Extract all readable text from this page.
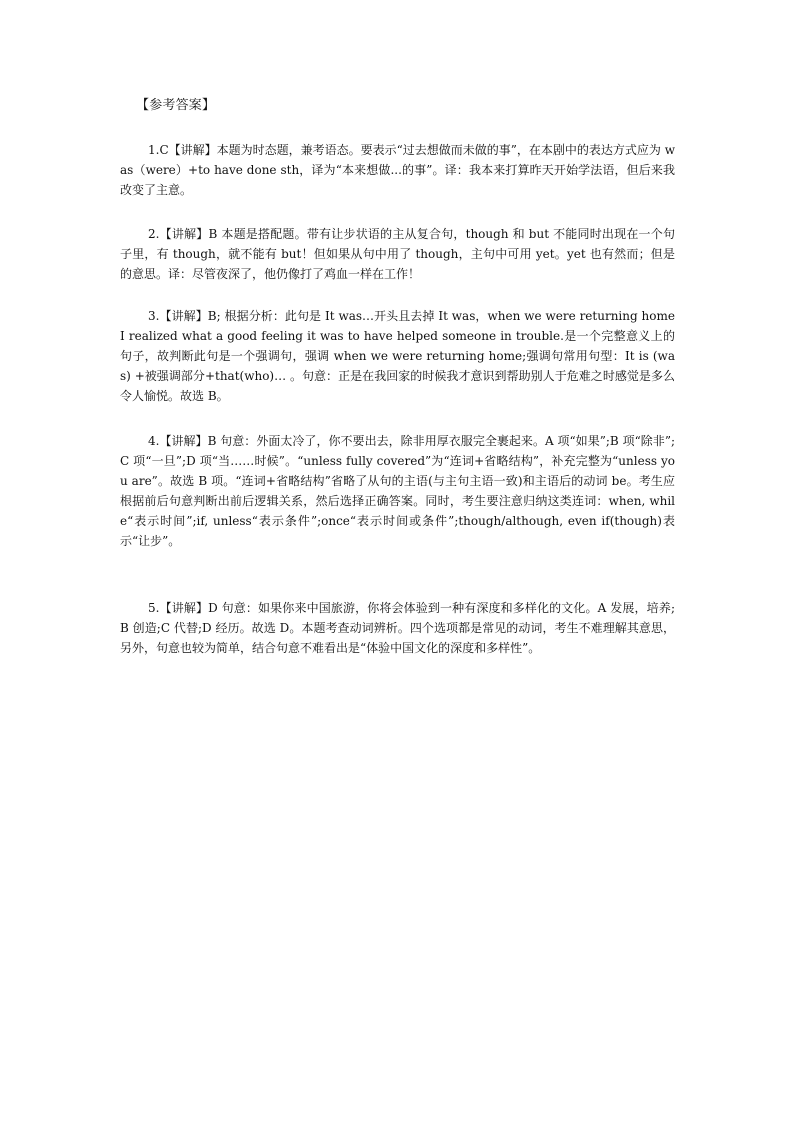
【参考答案】

1.C【讲解】本题为时态题，兼考语态。要表示“过去想做而未做的事”，在本剧中的表达方式应为 was（were）+to have done sth，译为“本来想做...的事”。译：我本来打算昨天开始学法语，但后来我改变了主意。

2.【讲解】B 本题是搭配题。带有让步状语的主从复合句，though 和 but 不能同时出现在一个句子里，有 though，就不能有 but！但如果从句中用了 though，主句中可用 yet。yet 也有然而；但是的意思。译：尽管夜深了，他仍像打了鸡血一样在工作！

3.【讲解】B; 根据分析：此句是 It was…开头且去掉 It was，when we were returning home I realized what a good feeling it was to have helped someone in trouble.是一个完整意义上的句子，故判断此句是一个强调句，强调 when we were returning home;强调句常用句型：It is (was) +被强调部分+that(who)… 。句意：正是在我回家的时候我才意识到帮助别人于危难之时感觉是多么令人愉悦。故选 B。

4.【讲解】B 句意：外面太冷了，你不要出去，除非用厚衣服完全裹起来。A 项“如果”;B 项“除非”;C 项“一旦”;D 项“当……时候”。“unless fully covered”为“连词+省略结构”，补充完整为“unless you are”。故选 B 项。“连词+省略结构”省略了从句的主语(与主句主语一致)和主语后的动词 be。考生应根据前后句意判断出前后逻辑关系，然后选择正确答案。同时，考生要注意归纳这类连词：when, while“表示时间”;if, unless“表示条件”;once“表示时间或条件”;though/although, even if(though)表示“让步”。

5.【讲解】D 句意：如果你来中国旅游，你将会体验到一种有深度和多样化的文化。A 发展，培养;B 创造;C 代替;D 经历。故选 D。本题考查动词辨析。四个选项都是常见的动词，考生不难理解其意思，另外，句意也较为简单，结合句意不难看出是“体验中国文化的深度和多样性”。
